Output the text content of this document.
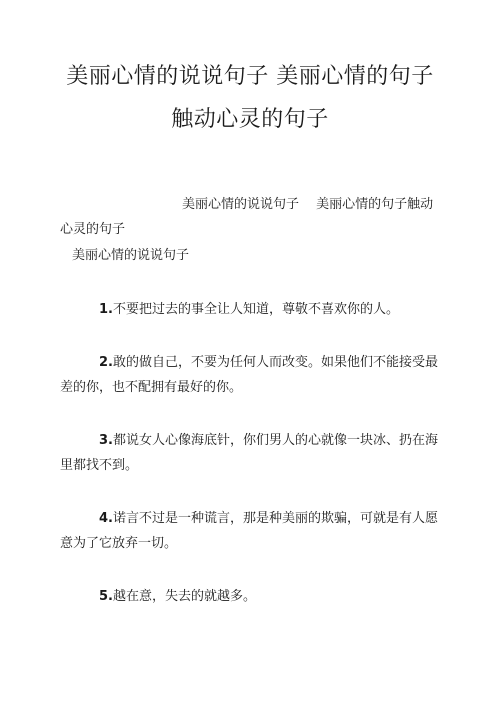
美丽心情的说说句子 美丽心情的句子
触动心灵的句子
美丽心情的说说句子　 美丽心情的句子触动
心灵的句子
美丽心情的说说句子
1.不要把过去的事全让人知道，尊敬不喜欢你的人。
2.敢的做自己，不要为任何人而改变。如果他们不能接受最差的你，也不配拥有最好的你。
3.都说女人心像海底针，你们男人的心就像一块冰、扔在海里都找不到。
4.诺言不过是一种谎言，那是种美丽的欺骗，可就是有人愿意为了它放弃一切。
5.越在意，失去的就越多。
